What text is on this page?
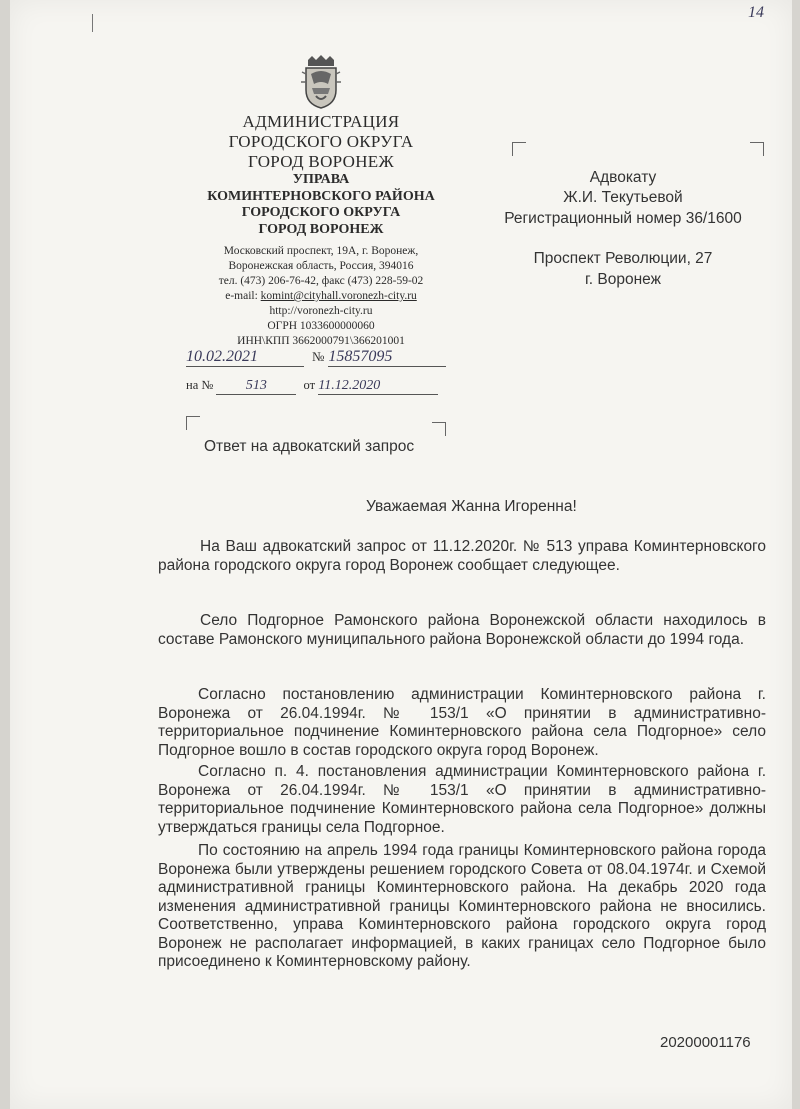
14
АДМИНИСТРАЦИЯ
ГОРОДСКОГО ОКРУГА
ГОРОД ВОРОНЕЖ
УПРАВА
КОМИНТЕРНОВСКОГО РАЙОНА
ГОРОДСКОГО ОКРУГА
ГОРОД ВОРОНЕЖ
Московский проспект, 19А, г. Воронеж,
Воронежская область, Россия, 394016
тел. (473) 206-76-42, факс (473) 228-59-02
e-mail: komint@cityhall.voronezh-city.ru
http://voronezh-city.ru
ОГРН 1033600000060
ИНН\КПП 3662000791\366201001
10.02.2021	№ 15857095
на № 513	от 11.12.2020
Адвокату
Ж.И. Текутьевой
Регистрационный номер 36/1600
Проспект Революции, 27
г. Воронеж
Ответ на адвокатский запрос
Уважаемая Жанна Игоренна!
На Ваш адвокатский запрос от 11.12.2020г. № 513 управа Коминтерновского района городского округа город Воронеж сообщает следующее.
Село Подгорное Рамонского района Воронежской области находилось в составе Рамонского муниципального района Воронежской области до 1994 года.
Согласно постановлению администрации Коминтерновского района г. Воронежа от 26.04.1994г. № 153/1 «О принятии в административно-территориальное подчинение Коминтерновского района села Подгорное» село Подгорное вошло в состав городского округа город Воронеж.
Согласно п. 4. постановления администрации Коминтерновского района г. Воронежа от 26.04.1994г. № 153/1 «О принятии в административно-территориальное подчинение Коминтерновского района села Подгорное» должны утверждаться границы села Подгорное.
По состоянию на апрель 1994 года границы Коминтерновского района города Воронежа были утверждены решением городского Совета от 08.04.1974г. и Схемой административной границы Коминтерновского района. На декабрь 2020 года изменения административной границы Коминтерновского района не вносились. Соответственно, управа Коминтерновского района городского округа город Воронеж не располагает информацией, в каких границах село Подгорное было присоединено к Коминтерновскому району.
20200001176
